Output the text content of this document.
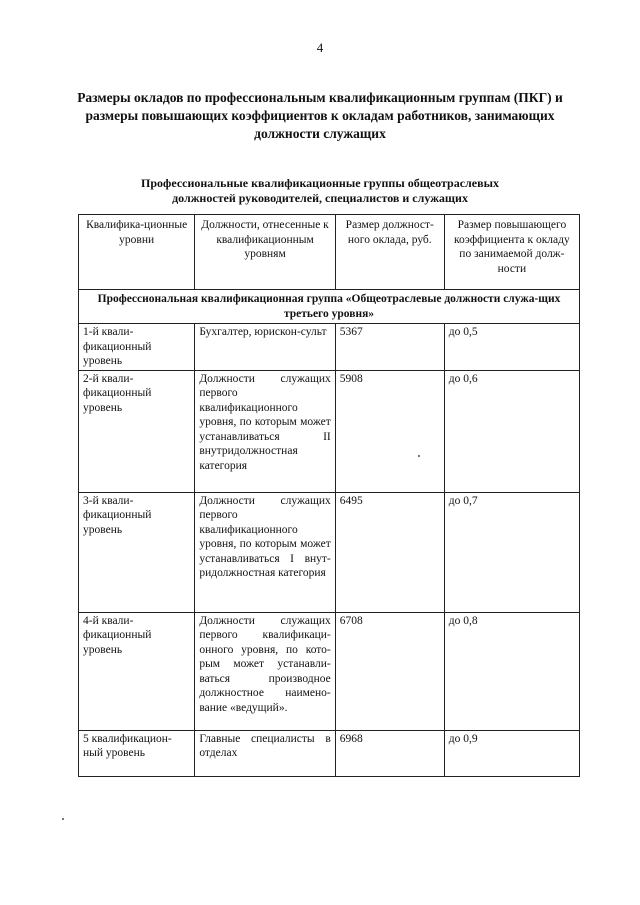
4
Размеры окладов по профессиональным квалификационным группам (ПКГ) и размеры повышающих коэффициентов к окладам работников, занимающих должности служащих
Профессиональные квалификационные группы общеотраслевых должностей руководителей, специалистов и служащих
Квалифика-ционные уровни	Должности, отнесенные к квалификационным уровням	Размер должност-ного оклада, руб.	Размер повышающего коэффициента к окладу по занимаемой долж-ности
Профессиональная квалификационная группа «Общеотраслевые должности служа-щих третьего уровня»			
1-й квали-фикационный уровень	Бухгалтер, юрискон-сульт	5367	до 0,5
2-й квали-фикационный уровень	Должности служащих первого квалификационного уровня, по которым может устанавливаться II внутридолжностная категория	5908	до 0,6
3-й квали-фикационный уровень	Должности служащих первого квалификационного уровня, по которым может устанавливаться I внут-ридолжностная категория	6495	до 0,7
4-й квали-фикационный уровень	Должности служащих первого квалификаци-онного уровня, по кото-рым может устанавли-ваться производное должностное наимено-вание «ведущий».	6708	до 0,8
5 квалификацион-ный уровень	Главные специалисты в отделах	6968	до 0,9
